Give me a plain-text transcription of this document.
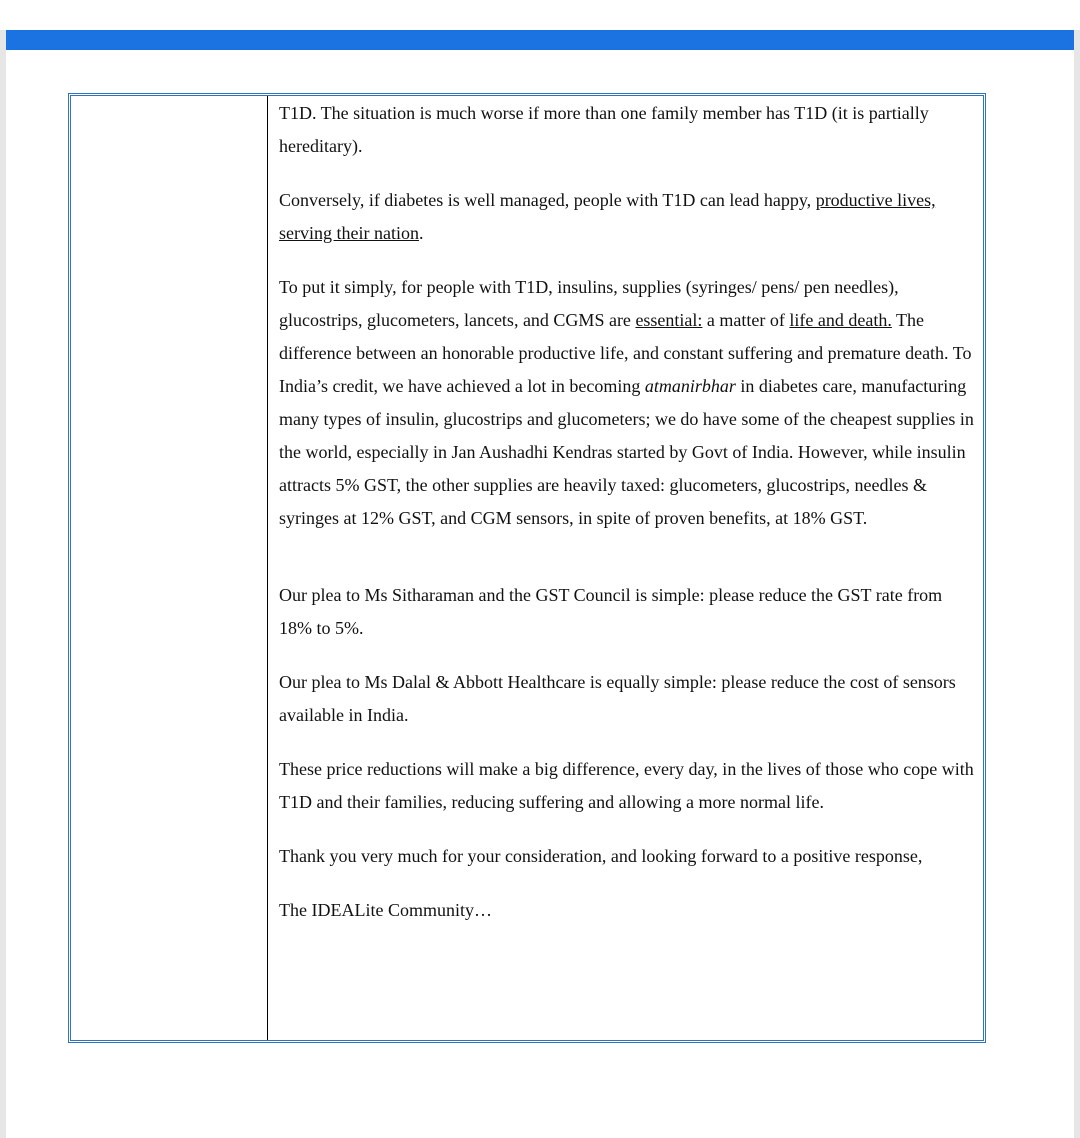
T1D. The situation is much worse if more than one family member has T1D (it is partially hereditary).

Conversely, if diabetes is well managed, people with T1D can lead happy, productive lives, serving their nation.

To put it simply, for people with T1D, insulins, supplies (syringes/ pens/ pen needles), glucostrips, glucometers, lancets, and CGMS are essential: a matter of life and death. The difference between an honorable productive life, and constant suffering and premature death. To India’s credit, we have achieved a lot in becoming atmanirbhar in diabetes care, manufacturing many types of insulin, glucostrips and glucometers; we do have some of the cheapest supplies in the world, especially in Jan Aushadhi Kendras started by Govt of India. However, while insulin attracts 5% GST, the other supplies are heavily taxed: glucometers, glucostrips, needles & syringes at 12% GST, and CGM sensors, in spite of proven benefits, at 18% GST.

Our plea to Ms Sitharaman and the GST Council is simple: please reduce the GST rate from 18% to 5%.

Our plea to Ms Dalal & Abbott Healthcare is equally simple: please reduce the cost of sensors available in India.

These price reductions will make a big difference, every day, in the lives of those who cope with T1D and their families, reducing suffering and allowing a more normal life.

Thank you very much for your consideration, and looking forward to a positive response,

The IDEALite Community…
